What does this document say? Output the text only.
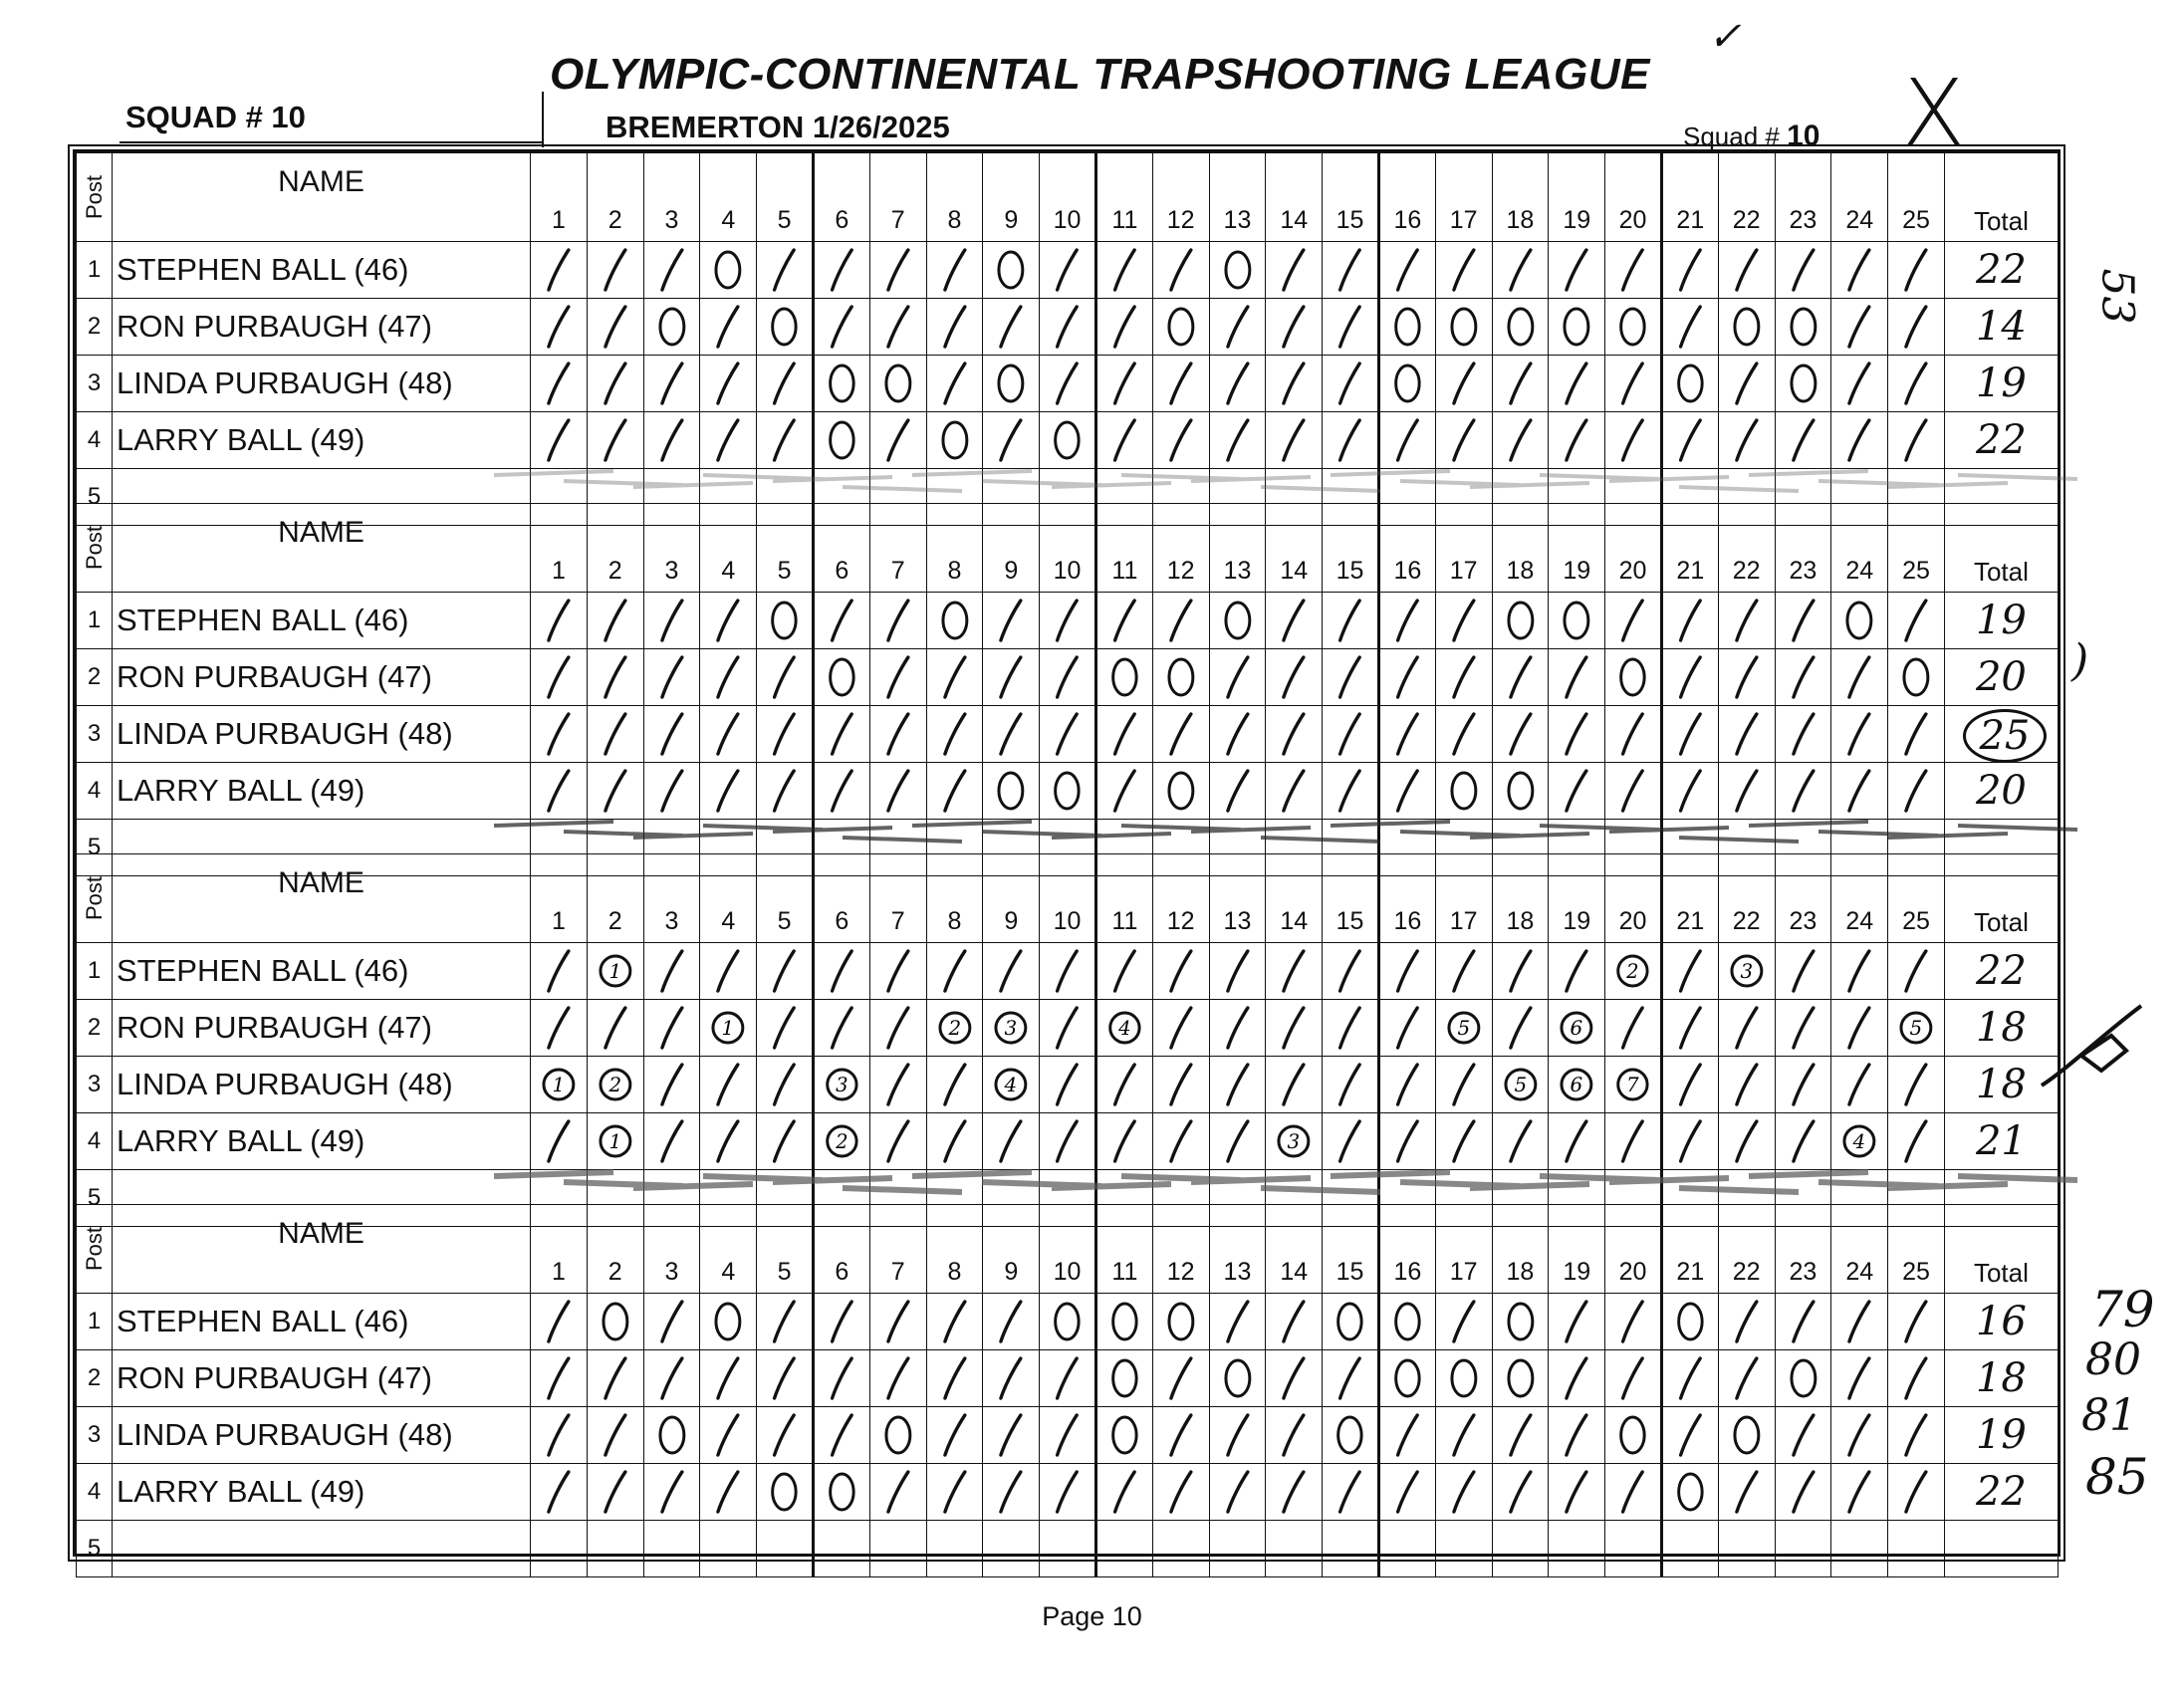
OLYMPIC-CONTINENTAL TRAPSHOOTING LEAGUE
SQUAD # 10	BREMERTON 1/26/2025	Squad # 10
✓
X
Post	NAME	1	2	3	4	5	6	7	8	9	10	11	12	13	14	15	16	17	18	19	20	21	22	23	24	25	Total
1	STEPHEN BALL (46)																										22

2	RON PURBAUGH (47)																										14

3	LINDA PURBAUGH (48)																										19

4	LARRY BALL (49)																										22

5																											
Post	NAME	1	2	3	4	5	6	7	8	9	10	11	12	13	14	15	16	17	18	19	20	21	22	23	24	25	Total
1	STEPHEN BALL (46)																										19

2	RON PURBAUGH (47)																										20

3	LINDA PURBAUGH (48)																										25

4	LARRY BALL (49)																										20

5																											
Post	NAME	1	2	3	4	5	6	7	8	9	10	11	12	13	14	15	16	17	18	19	20	21	22	23	24	25	Total
1	STEPHEN BALL (46)		1																		2		3				22

2	RON PURBAUGH (47)				1				2	3		4						5		6						5	18

3	LINDA PURBAUGH (48)	1	2				3			4									5	6	7						18

4	LARRY BALL (49)		1				2								3										4		21

5																											
Post	NAME	1	2	3	4	5	6	7	8	9	10	11	12	13	14	15	16	17	18	19	20	21	22	23	24	25	Total
1	STEPHEN BALL (46)																										16

2	RON PURBAUGH (47)																										18

3	LINDA PURBAUGH (48)																										19

4	LARRY BALL (49)																										22

5																											
53
)
79
80
81
85
Page 10
